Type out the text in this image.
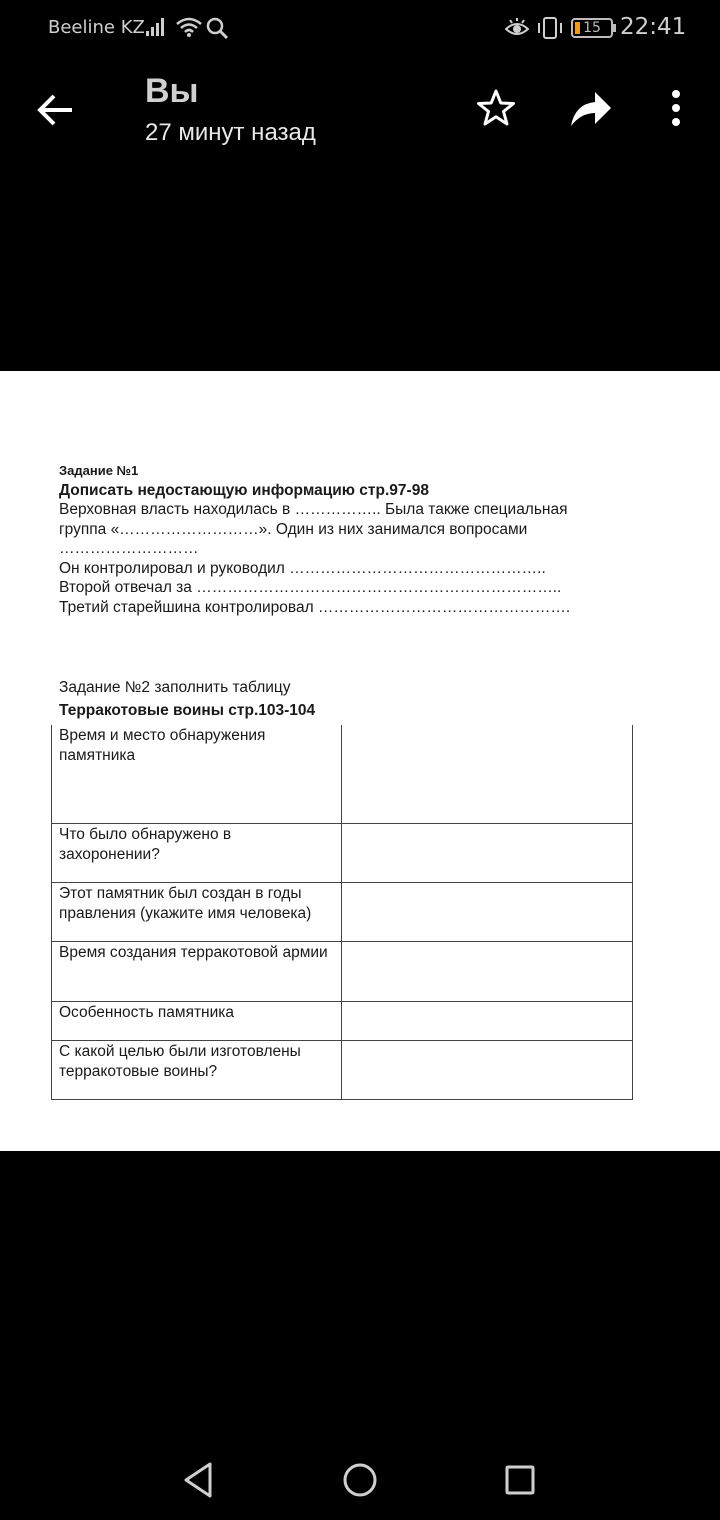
Beeline KZ	15 22:41
Вы
27 минут назад
Задание №1
Дописать недостающую информацию стр.97-98
Верховная власть находилась в …………….. Была также специальная
группа «………………………». Один из них занимался вопросами
………………………
Он контролировал и руководил …………………………………………..
Второй отвечал за ……………………………………………………………..
Третий старейшина контролировал ………………………………………….
Задание №2 заполнить таблицу
Терракотовые воины стр.103-104
Время и место обнаружения памятника	
Что было обнаружено в захоронении?	
Этот памятник был создан в годы правления (укажите имя человека)	
Время создания терракотовой армии	
Особенность памятника	
С какой целью были изготовлены терракотовые воины?	
